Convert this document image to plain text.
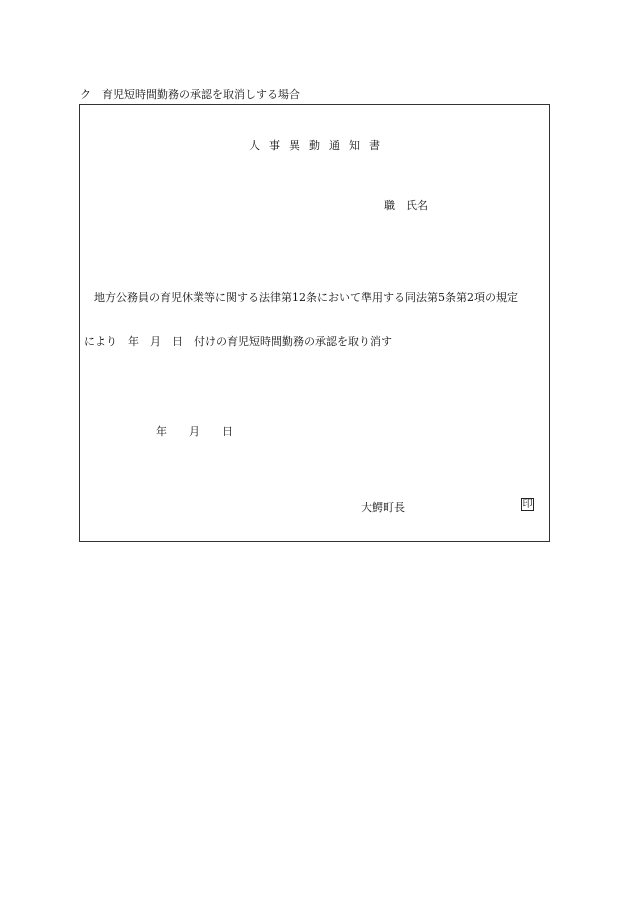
ク　育児短時間勤務の承認を取消しする場合
人事異動通知書
職　氏名
地方公務員の育児休業等に関する法律第12条において準用する同法第5条第2項の規定
により　年　月　日　付けの育児短時間勤務の承認を取り消す
年　　月　　日
大鰐町長	印
